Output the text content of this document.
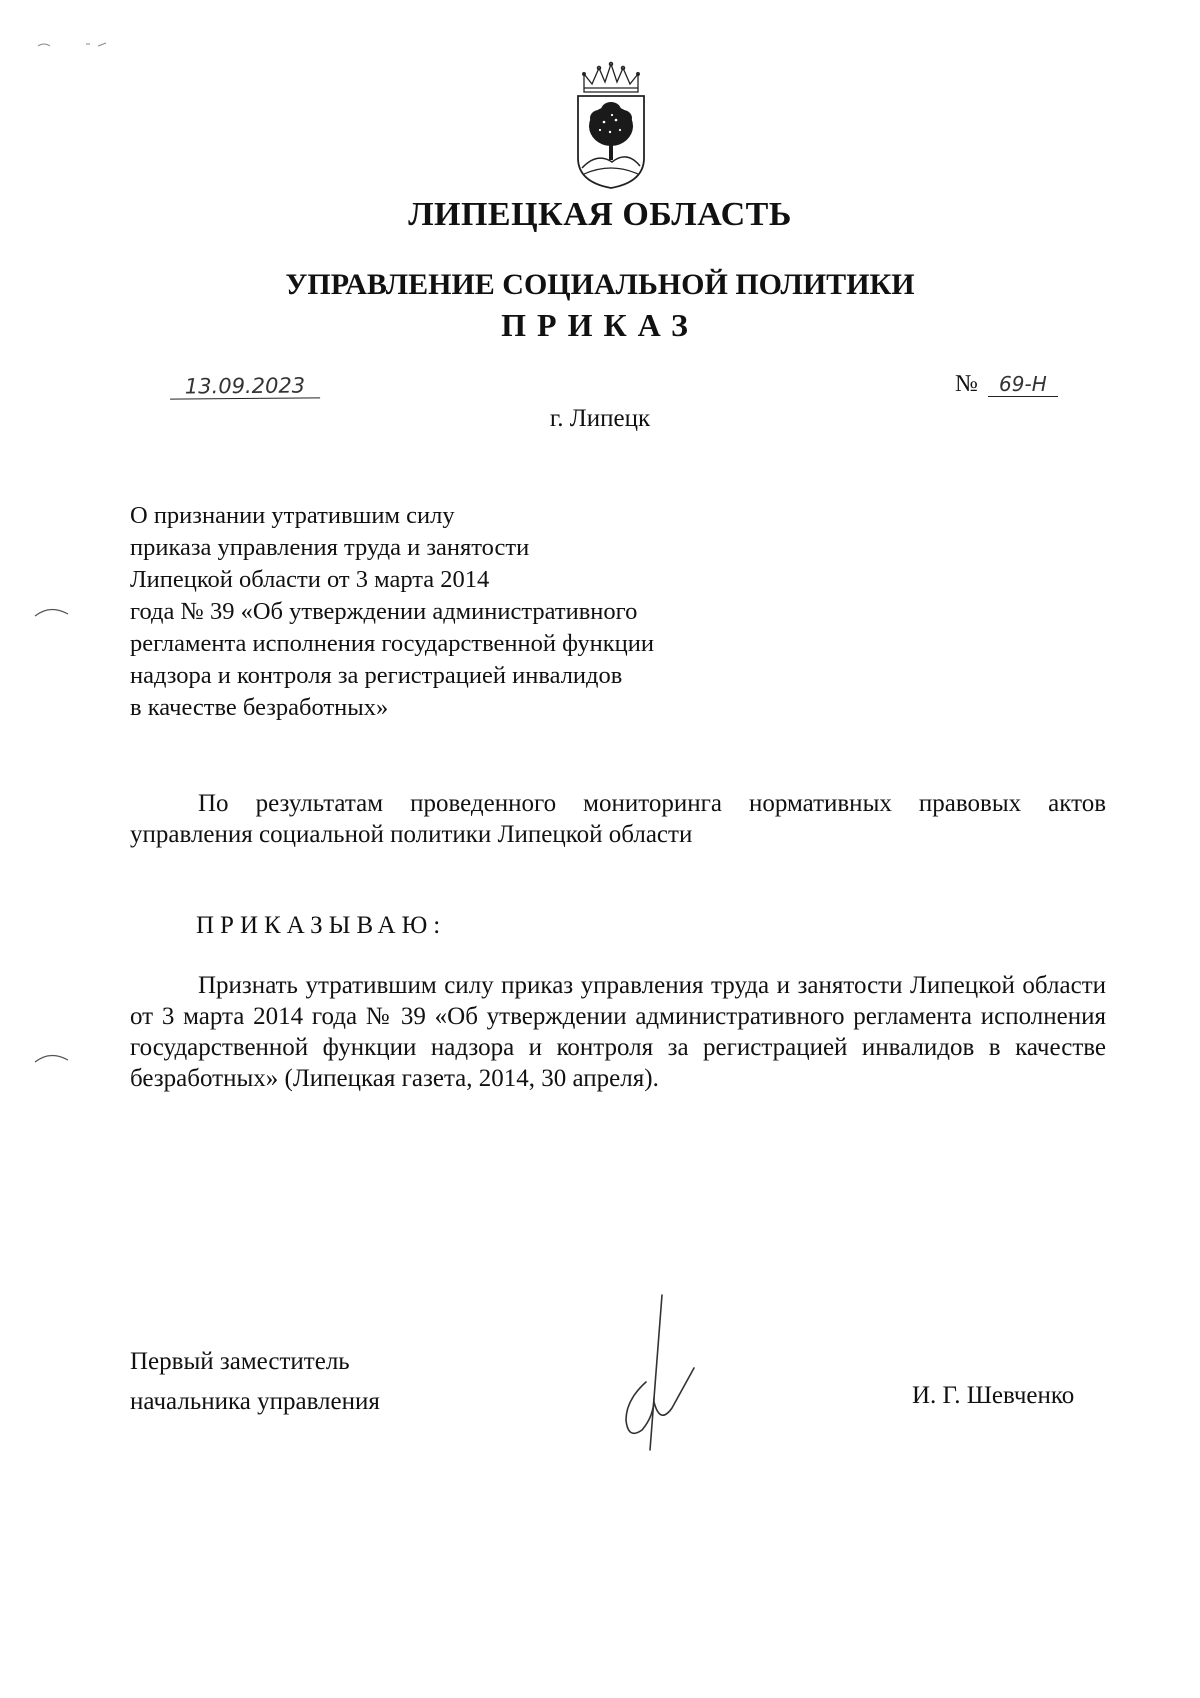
ЛИПЕЦКАЯ ОБЛАСТЬ
УПРАВЛЕНИЕ СОЦИАЛЬНОЙ ПОЛИТИКИ
ПРИКАЗ
13.09.2023	№ 69-Н
г. Липецк
О признании утратившим силу
приказа управления труда и занятости
Липецкой области от 3 марта 2014
года № 39 «Об утверждении административного
регламента исполнения государственной функции
надзора и контроля за регистрацией инвалидов
в качестве безработных»
По результатам проведенного мониторинга нормативных правовых актов управления социальной политики Липецкой области
ПРИКАЗЫВАЮ:
Признать утратившим силу приказ управления труда и занятости Липецкой области от 3 марта 2014 года № 39 «Об утверждении административного регламента исполнения государственной функции надзора и контроля за регистрацией инвалидов в качестве безработных» (Липецкая газета, 2014, 30 апреля).
Первый заместитель
начальника управления	И. Г. Шевченко
